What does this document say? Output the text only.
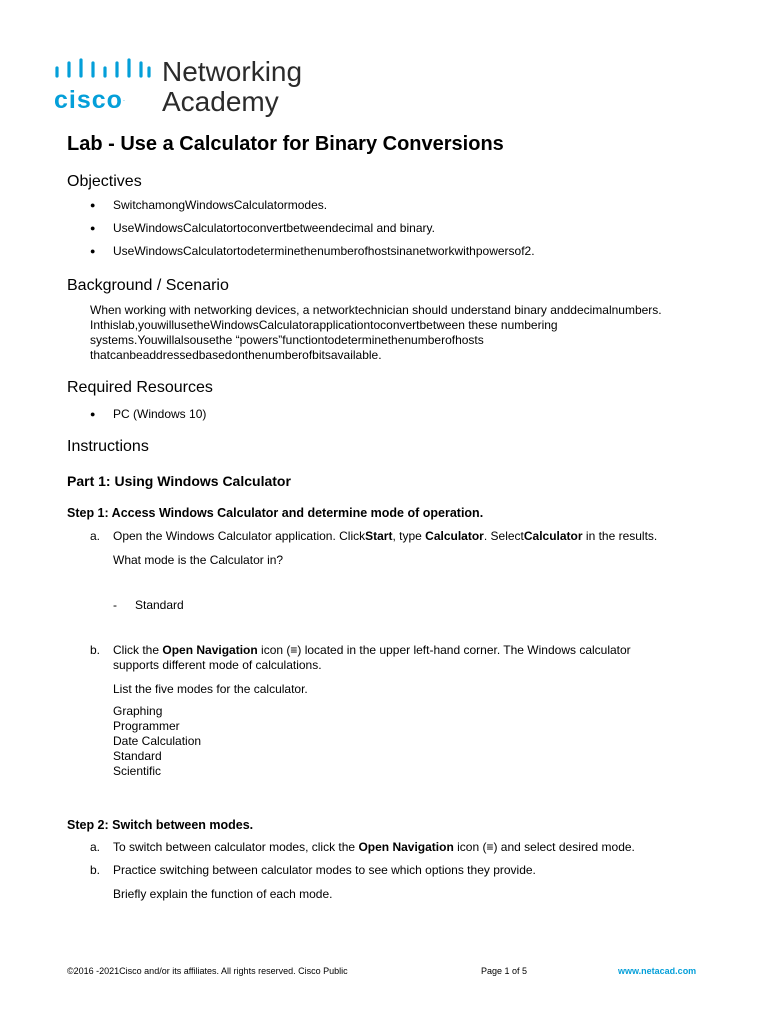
cisco.
Networking
Academy
Lab - Use a Calculator for Binary Conversions
Objectives
● SwitchamongWindowsCalculatormodes.
● UseWindowsCalculatortoconvertbetweendecimal and binary.
● UseWindowsCalculatortodeterminethenumberofhostsinanetworkwithpowersof2.
Background / Scenario
When working with networking devices, a networktechnician should understand binary anddecimalnumbers.
Inthislab,youwillusetheWindowsCalculatorapplicationtoconvertbetween these numbering
systems.Youwillalsousethe “powers”functiontodeterminethenumberofhosts
thatcanbeaddressedbasedonthenumberofbitsavailable.
Required Resources
● PC (Windows 10)
Instructions
Part 1: Using Windows Calculator
Step 1: Access Windows Calculator and determine mode of operation.
a. Open the Windows Calculator application. ClickStart, type Calculator. SelectCalculator in the results.
What mode is the Calculator in?
- Standard
b. Click the Open Navigation icon (≡) located in the upper left-hand corner. The Windows calculator
supports different mode of calculations.
List the five modes for the calculator.
Graphing
Programmer
Date Calculation
Standard
Scientific
Step 2: Switch between modes.
a. To switch between calculator modes, click the Open Navigation icon (≡) and select desired mode.
b. Practice switching between calculator modes to see which options they provide.
Briefly explain the function of each mode.
©2016 -2021Cisco and/or its affiliates. All rights reserved. Cisco Public	Page 1 of 5	www.netacad.com
